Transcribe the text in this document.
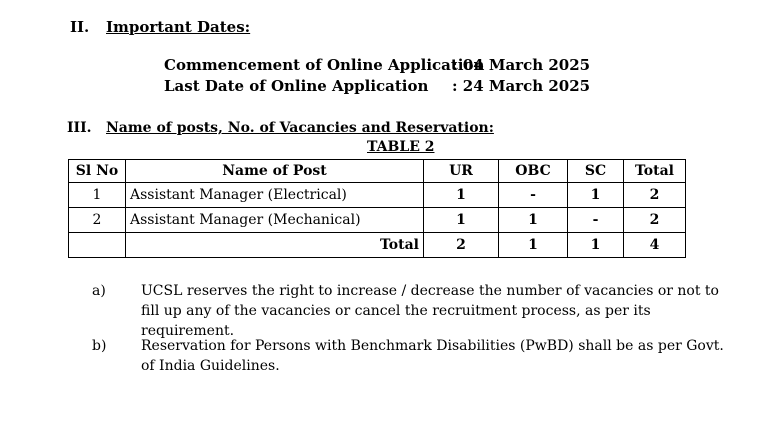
II. Important Dates:
Commencement of Online Application
: 04 March 2025
Last Date of Online Application : 24 March 2025
III. Name of posts, No. of Vacancies and Reservation:
TABLE 2
Sl No	Name of Post	UR	OBC	SC	Total
1	Assistant Manager (Electrical)	1	-	1	2
2	Assistant Manager (Mechanical)	1	1	-	2
	Total	2	1	1	4
a)	UCSL reserves the right to increase / decrease the number of vacancies or not to fill up any of the vacancies or cancel the recruitment process, as per its requirement.
b) Reservation for Persons with Benchmark Disabilities (PwBD) shall be as per Govt. of India Guidelines.
